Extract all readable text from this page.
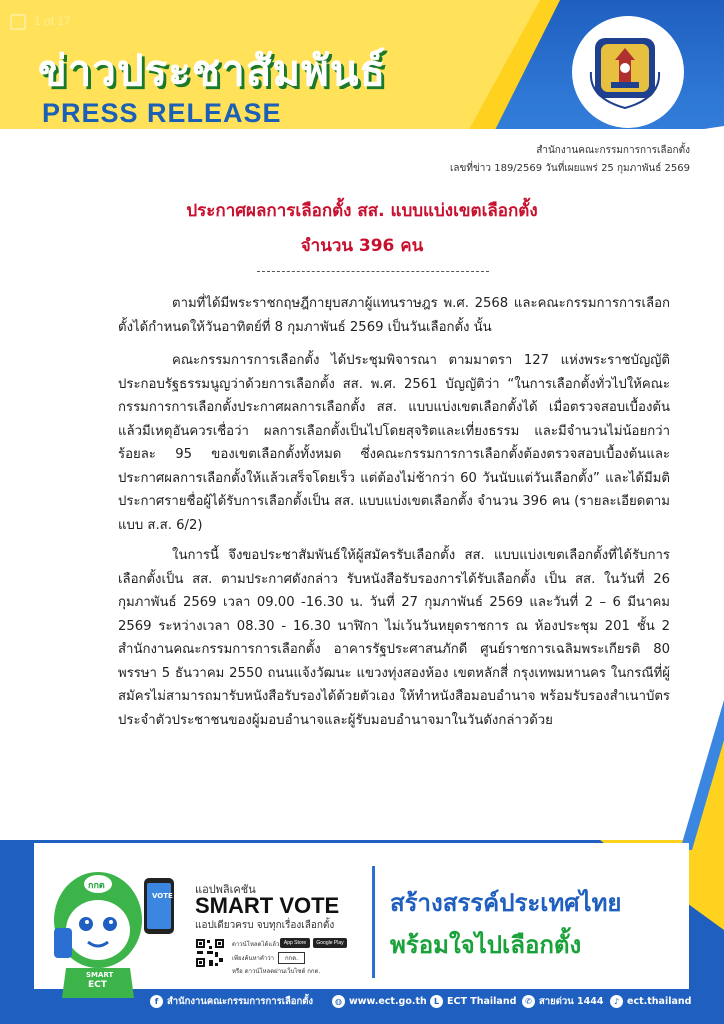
1 of 17
ข่าวประชาสัมพันธ์
PRESS RELEASE
สำนักงานคณะกรรมการการเลือกตั้ง
เลขที่ข่าว 189/2569 วันที่เผยแพร่ 25 กุมภาพันธ์ 2569
ประกาศผลการเลือกตั้ง สส. แบบแบ่งเขตเลือกตั้ง
จำนวน 396 คน
ตามที่ได้มีพระราชกฤษฎีกายุบสภาผู้แทนราษฎร พ.ศ. 2568 และคณะกรรมการการเลือกตั้งได้กำหนดให้วันอาทิตย์ที่ 8 กุมภาพันธ์ 2569 เป็นวันเลือกตั้ง นั้น
คณะกรรมการการเลือกตั้ง ได้ประชุมพิจารณา ตามมาตรา 127 แห่งพระราชบัญญัติประกอบรัฐธรรมนูญว่าด้วยการเลือกตั้ง สส. พ.ศ. 2561 บัญญัติว่า “ในการเลือกตั้งทั่วไปให้คณะกรรมการการเลือกตั้งประกาศผลการเลือกตั้ง สส. แบบแบ่งเขตเลือกตั้งได้ เมื่อตรวจสอบเบื้องต้นแล้วมีเหตุอันควรเชื่อว่า ผลการเลือกตั้งเป็นไปโดยสุจริตและเที่ยงธรรม และมีจำนวนไม่น้อยกว่าร้อยละ 95 ของเขตเลือกตั้งทั้งหมด ซึ่งคณะกรรมการการเลือกตั้งต้องตรวจสอบเบื้องต้นและประกาศผลการเลือกตั้งให้แล้วเสร็จโดยเร็ว แต่ต้องไม่ช้ากว่า 60 วันนับแต่วันเลือกตั้ง” และได้มีมติประกาศรายชื่อผู้ได้รับการเลือกตั้งเป็น สส. แบบแบ่งเขตเลือกตั้ง จำนวน 396 คน (รายละเอียดตามแบบ ส.ส. 6/2)
ในการนี้ จึงขอประชาสัมพันธ์ให้ผู้สมัครรับเลือกตั้ง สส. แบบแบ่งเขตเลือกตั้งที่ได้รับการเลือกตั้งเป็น สส. ตามประกาศดังกล่าว รับหนังสือรับรองการได้รับเลือกตั้ง เป็น สส. ในวันที่ 26 กุมภาพันธ์ 2569 เวลา 09.00 -16.30 น. วันที่ 27 กุมภาพันธ์ 2569 และวันที่ 2 – 6 มีนาคม 2569 ระหว่างเวลา 08.30 - 16.30 นาฬิกา ไม่เว้นวันหยุดราชการ ณ ห้องประชุม 201 ชั้น 2 สำนักงานคณะกรรมการการเลือกตั้ง อาคารรัฐประศาสนภักดี ศูนย์ราชการเฉลิมพระเกียรติ 80 พรรษา 5 ธันวาคม 2550 ถนนแจ้งวัฒนะ แขวงทุ่งสองห้อง เขตหลักสี่ กรุงเทพมหานคร ในกรณีที่ผู้สมัครไม่สามารถมารับหนังสือรับรองได้ด้วยตัวเอง ให้ทำหนังสือมอบอำนาจ พร้อมรับรองสำเนาบัตรประจำตัวประชาชนของผู้มอบอำนาจและผู้รับมอบอำนาจมาในวันดังกล่าวด้วย
กกต
VOTE
SMART
ECT
แอปพลิเคชัน
SMART VOTE
แอปเดียวครบ จบทุกเรื่องเลือกตั้ง
ดาวน์โหลดได้แล้ว App Store	Google Play
เพียงค้นหาคำว่า กกต.
หรือ ดาวน์โหลดผ่านเว็บไซต์ กกต.
สร้างสรรค์ประเทศไทย
พร้อมใจไปเลือกตั้ง
f สำนักงานคณะกรรมการการเลือกตั้ง	◍ www.ect.go.th L ECT Thailand	✆ สายด่วน 1444	♪ ect.thailand
